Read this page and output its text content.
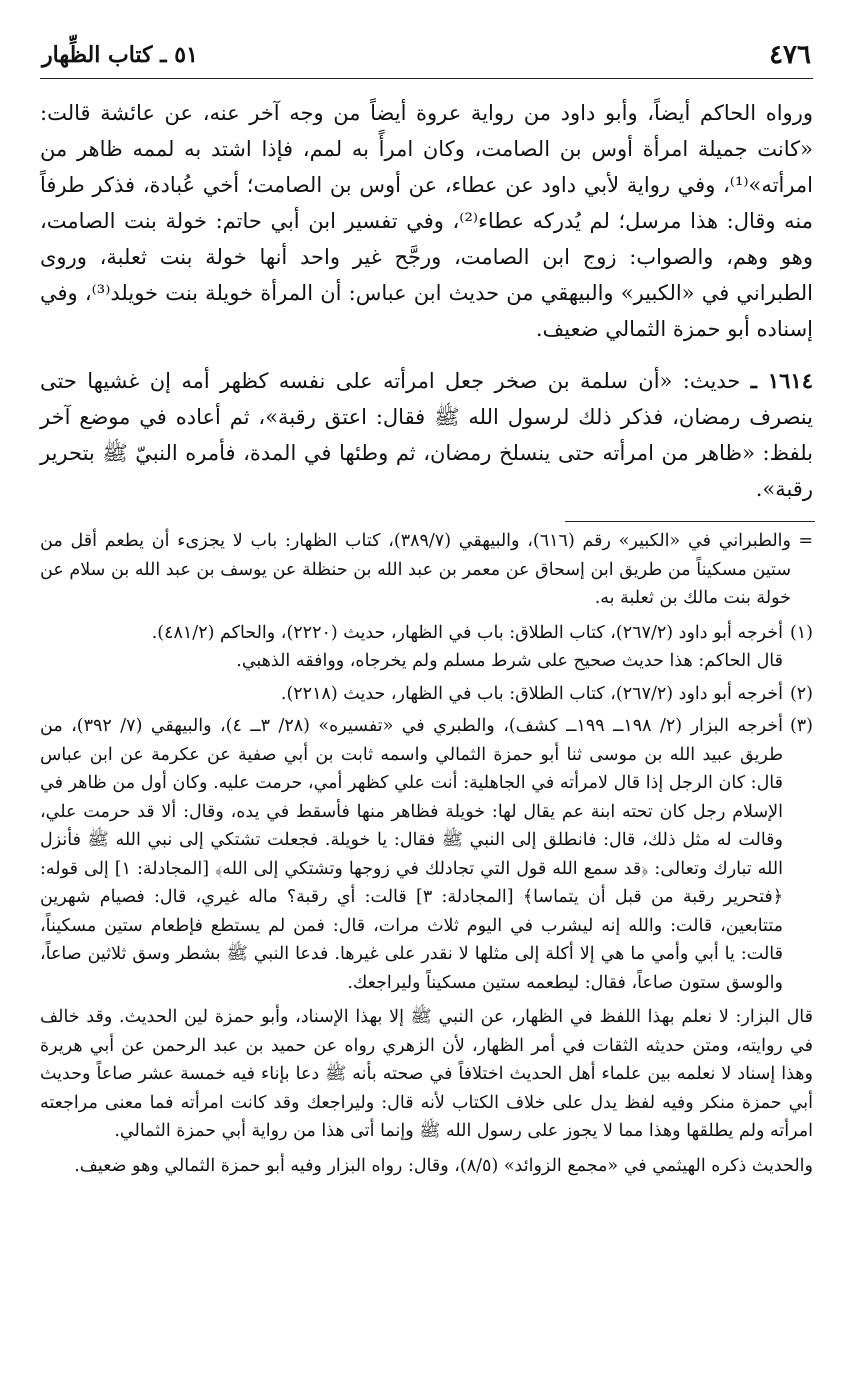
٤٧٦
٥١ ـ كتاب الظِّهار

ورواه الحاكم أيضاً، وأبو داود من رواية عروة أيضاً من وجه آخر عنه، عن عائشة قالت: «كانت جميلة امرأة أوس بن الصامت، وكان امرأً به لمم، فإذا اشتد به لممه ظاهر من امرأته»⁽¹⁾، وفي رواية لأبي داود عن عطاء، عن أوس بن الصامت؛ أخي عُبادة، فذكر طرفاً منه وقال: هذا مرسل؛ لم يُدركه عطاء⁽²⁾، وفي تفسير ابن أبي حاتم: خولة بنت الصامت، وهو وهم، والصواب: زوج ابن الصامت، ورجَّح غير واحد أنها خولة بنت ثعلبة، وروى الطبراني في «الكبير» والبيهقي من حديث ابن عباس: أن المرأة خويلة بنت خويلد⁽³⁾، وفي إسناده أبو حمزة الثمالي ضعيف.

١٦١٤ ـ حديث: «أن سلمة بن صخر جعل امرأته على نفسه كظهر أمه إن غشيها حتى ينصرف رمضان، فذكر ذلك لرسول الله ﷺ فقال: اعتق رقبة»، ثم أعاده في موضع آخر بلفظ: «ظاهر من امرأته حتى ينسلخ رمضان، ثم وطئها في المدة، فأمره النبيّ ﷺ بتحرير رقبة».

=
والطبراني في «الكبير» رقم (٦١٦)، والبيهقي (٣٨٩/٧)، كتاب الظهار: باب لا يجزىء أن يطعم أقل من ستين مسكيناً من طريق ابن إسحاق عن معمر بن عبد الله بن حنظلة عن يوسف بن عبد الله بن سلام عن خولة بنت مالك بن ثعلبة به.

(١)
أخرجه أبو داود (٢٦٧/٢)، كتاب الطلاق: باب في الظهار، حديث (٢٢٢٠)، والحاكم (٤٨١/٢).

قال الحاكم: هذا حديث صحيح على شرط مسلم ولم يخرجاه، ووافقه الذهبي.

(٢)
أخرجه أبو داود (٢٦٧/٢)، كتاب الطلاق: باب في الظهار، حديث (٢٢١٨).

(٣)
أخرجه البزار (٢/ ١٩٨ــ ١٩٩ــ كشف)، والطبري في «تفسيره» (٢٨/ ٣ــ ٤)، والبيهقي (٧/ ٣٩٢)، من طريق عبيد الله بن موسى ثنا أبو حمزة الثمالي واسمه ثابت بن أبي صفية عن عكرمة عن ابن عباس قال: كان الرجل إذا قال لامرأته في الجاهلية: أنت علي كظهر أمي، حرمت عليه. وكان أول من ظاهر في الإسلام رجل كان تحته ابنة عم يقال لها: خويلة فظاهر منها فأسقط في يده، وقال: ألا قد حرمت علي، وقالت له مثل ذلك، قال: فانطلق إلى النبي ﷺ فقال: يا خويلة. فجعلت تشتكي إلى نبي الله ﷺ فأنزل الله تبارك وتعالى: ﴿قد سمع الله قول التي تجادلك في زوجها وتشتكي إلى الله﴾ [المجادلة: ١] إلى قوله: ﴿فتحرير رقبة من قبل أن يتماسا﴾ [المجادلة: ٣] قالت: أي رقبة؟ ماله غيري، قال: فصيام شهرين متتابعين، قالت: والله إنه ليشرب في اليوم ثلاث مرات، قال: فمن لم يستطع فإطعام ستين مسكيناً، قالت: يا أبي وأمي ما هي إلا أكلة إلى مثلها لا نقدر على غيرها. فدعا النبي ﷺ بشطر وسق ثلاثين صاعاً، والوسق ستون صاعاً، فقال: ليطعمه ستين مسكيناً وليراجعك.

قال البزار: لا نعلم بهذا اللفظ في الظهار، عن النبي ﷺ إلا بهذا الإسناد، وأبو حمزة لين الحديث. وقد خالف في روايته، ومتن حديثه الثقات في أمر الظهار، لأن الزهري رواه عن حميد بن عبد الرحمن عن أبي هريرة وهذا إسناد لا نعلمه بين علماء أهل الحديث اختلافاً في صحته بأنه ﷺ دعا بإناء فيه خمسة عشر صاعاً وحديث أبي حمزة منكر وفيه لفظ يدل على خلاف الكتاب لأنه قال: وليراجعك وقد كانت امرأته فما معنى مراجعته امرأته ولم يطلقها وهذا مما لا يجوز على رسول الله ﷺ وإنما أتى هذا من رواية أبي حمزة الثمالي.

والحديث ذكره الهيثمي في «مجمع الزوائد» (٨/٥)، وقال: رواه البزار وفيه أبو حمزة الثمالي وهو ضعيف.
